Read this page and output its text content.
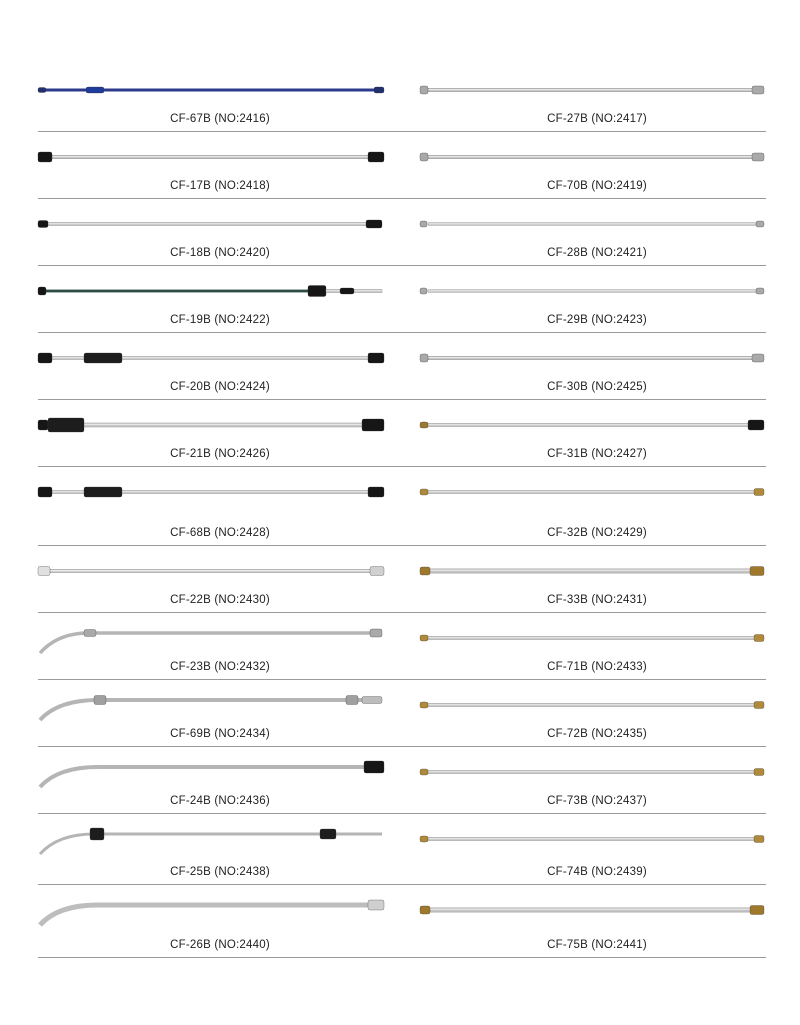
CF-67B (NO:2416)	CF-27B (NO:2417)
CF-17B (NO:2418)	CF-70B (NO:2419)
CF-18B (NO:2420)	CF-28B (NO:2421)
CF-19B (NO:2422)	CF-29B (NO:2423)
CF-20B (NO:2424)	CF-30B (NO:2425)
CF-21B (NO:2426)	CF-31B (NO:2427)
CF-68B (NO:2428)	CF-32B (NO:2429)
CF-22B (NO:2430)	CF-33B (NO:2431)
CF-23B (NO:2432)	CF-71B (NO:2433)
CF-69B (NO:2434)	CF-72B (NO:2435)
CF-24B (NO:2436)	CF-73B (NO:2437)
CF-25B (NO:2438)	CF-74B (NO:2439)
CF-26B (NO:2440)	CF-75B (NO:2441)
